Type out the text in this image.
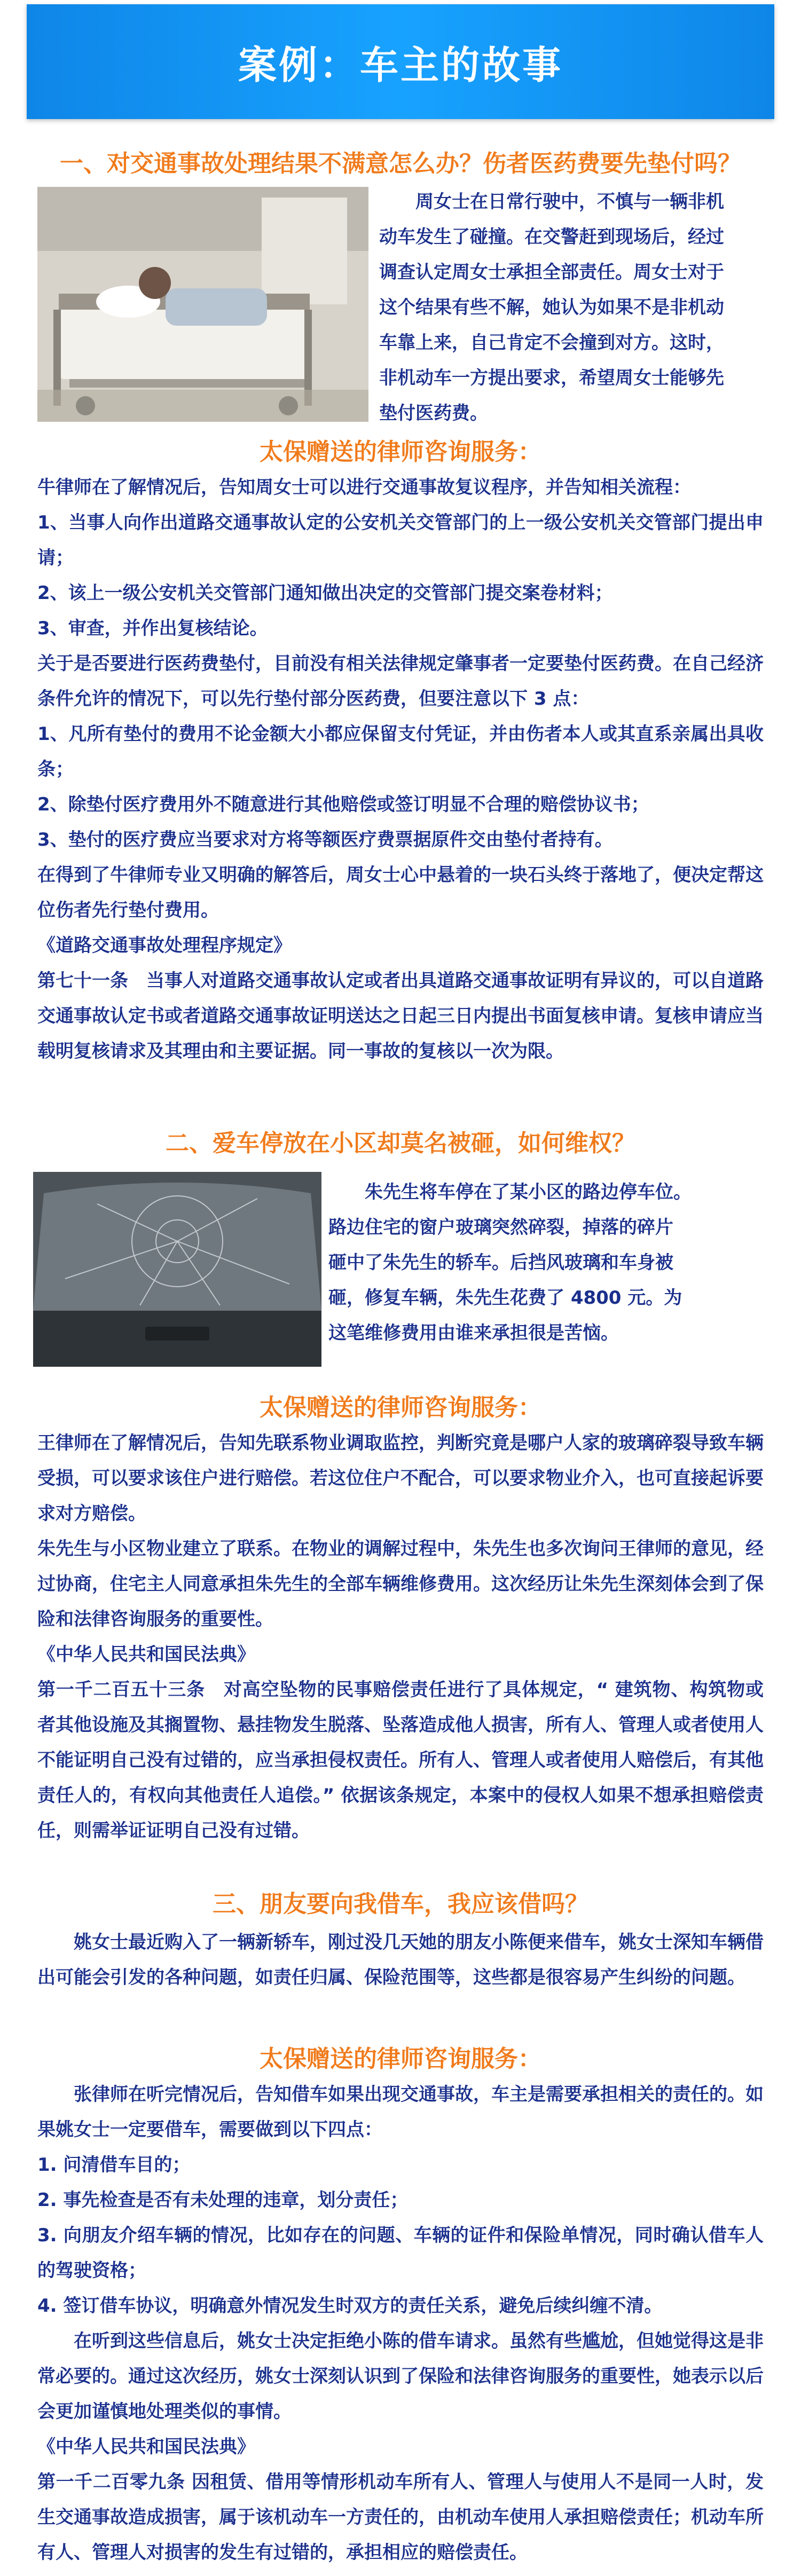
案例：车主的故事
一、对交通事故处理结果不满意怎么办？伤者医药费要先垫付吗？

周女士在日常行驶中，不慎与一辆非机

动车发生了碰撞。在交警赶到现场后，经过

调查认定周女士承担全部责任。周女士对于

这个结果有些不解，她认为如果不是非机动

车靠上来，自己肯定不会撞到对方。这时，

非机动车一方提出要求，希望周女士能够先

垫付医药费。

太保赠送的律师咨询服务：

牛律师在了解情况后，告知周女士可以进行交通事故复议程序，并告知相关流程：

1、当事人向作出道路交通事故认定的公安机关交管部门的上一级公安机关交管部门提出申请；

2、该上一级公安机关交管部门通知做出决定的交管部门提交案卷材料；

3、审查，并作出复核结论。

关于是否要进行医药费垫付，目前没有相关法律规定肇事者一定要垫付医药费。在自己经济条件允许的情况下，可以先行垫付部分医药费，但要注意以下 3 点：

1、凡所有垫付的费用不论金额大小都应保留支付凭证，并由伤者本人或其直系亲属出具收条；

2、除垫付医疗费用外不随意进行其他赔偿或签订明显不合理的赔偿协议书；

3、垫付的医疗费应当要求对方将等额医疗费票据原件交由垫付者持有。

在得到了牛律师专业又明确的解答后，周女士心中悬着的一块石头终于落地了，便决定帮这位伤者先行垫付费用。

《道路交通事故处理程序规定》

第七十一条　当事人对道路交通事故认定或者出具道路交通事故证明有异议的，可以自道路交通事故认定书或者道路交通事故证明送达之日起三日内提出书面复核申请。复核申请应当载明复核请求及其理由和主要证据。同一事故的复核以一次为限。

二、爱车停放在小区却莫名被砸，如何维权？

朱先生将车停在了某小区的路边停车位。

路边住宅的窗户玻璃突然碎裂，掉落的碎片

砸中了朱先生的轿车。后挡风玻璃和车身被

砸，修复车辆，朱先生花费了 4800 元。为

这笔维修费用由谁来承担很是苦恼。

太保赠送的律师咨询服务：

王律师在了解情况后，告知先联系物业调取监控，判断究竟是哪户人家的玻璃碎裂导致车辆受损，可以要求该住户进行赔偿。若这位住户不配合，可以要求物业介入，也可直接起诉要求对方赔偿。

朱先生与小区物业建立了联系。在物业的调解过程中，朱先生也多次询问王律师的意见，经过协商，住宅主人同意承担朱先生的全部车辆维修费用。这次经历让朱先生深刻体会到了保险和法律咨询服务的重要性。

《中华人民共和国民法典》

第一千二百五十三条　对高空坠物的民事赔偿责任进行了具体规定，“ 建筑物、构筑物或者其他设施及其搁置物、悬挂物发生脱落、坠落造成他人损害，所有人、管理人或者使用人不能证明自己没有过错的，应当承担侵权责任。所有人、管理人或者使用人赔偿后，有其他责任人的，有权向其他责任人追偿。” 依据该条规定，本案中的侵权人如果不想承担赔偿责任，则需举证证明自己没有过错。

三、朋友要向我借车，我应该借吗？

姚女士最近购入了一辆新轿车，刚过没几天她的朋友小陈便来借车，姚女士深知车辆借出可能会引发的各种问题，如责任归属、保险范围等，这些都是很容易产生纠纷的问题。

太保赠送的律师咨询服务：

张律师在听完情况后，告知借车如果出现交通事故，车主是需要承担相关的责任的。如果姚女士一定要借车，需要做到以下四点：

1. 问清借车目的；

2. 事先检查是否有未处理的违章，划分责任；

3. 向朋友介绍车辆的情况，比如存在的问题、车辆的证件和保险单情况，同时确认借车人的驾驶资格；

4. 签订借车协议，明确意外情况发生时双方的责任关系，避免后续纠缠不清。

在听到这些信息后，姚女士决定拒绝小陈的借车请求。虽然有些尴尬，但她觉得这是非常必要的。通过这次经历，姚女士深刻认识到了保险和法律咨询服务的重要性，她表示以后会更加谨慎地处理类似的事情。

《中华人民共和国民法典》

第一千二百零九条 因租赁、借用等情形机动车所有人、管理人与使用人不是同一人时，发生交通事故造成损害，属于该机动车一方责任的，由机动车使用人承担赔偿责任；机动车所有人、管理人对损害的发生有过错的，承担相应的赔偿责任。
